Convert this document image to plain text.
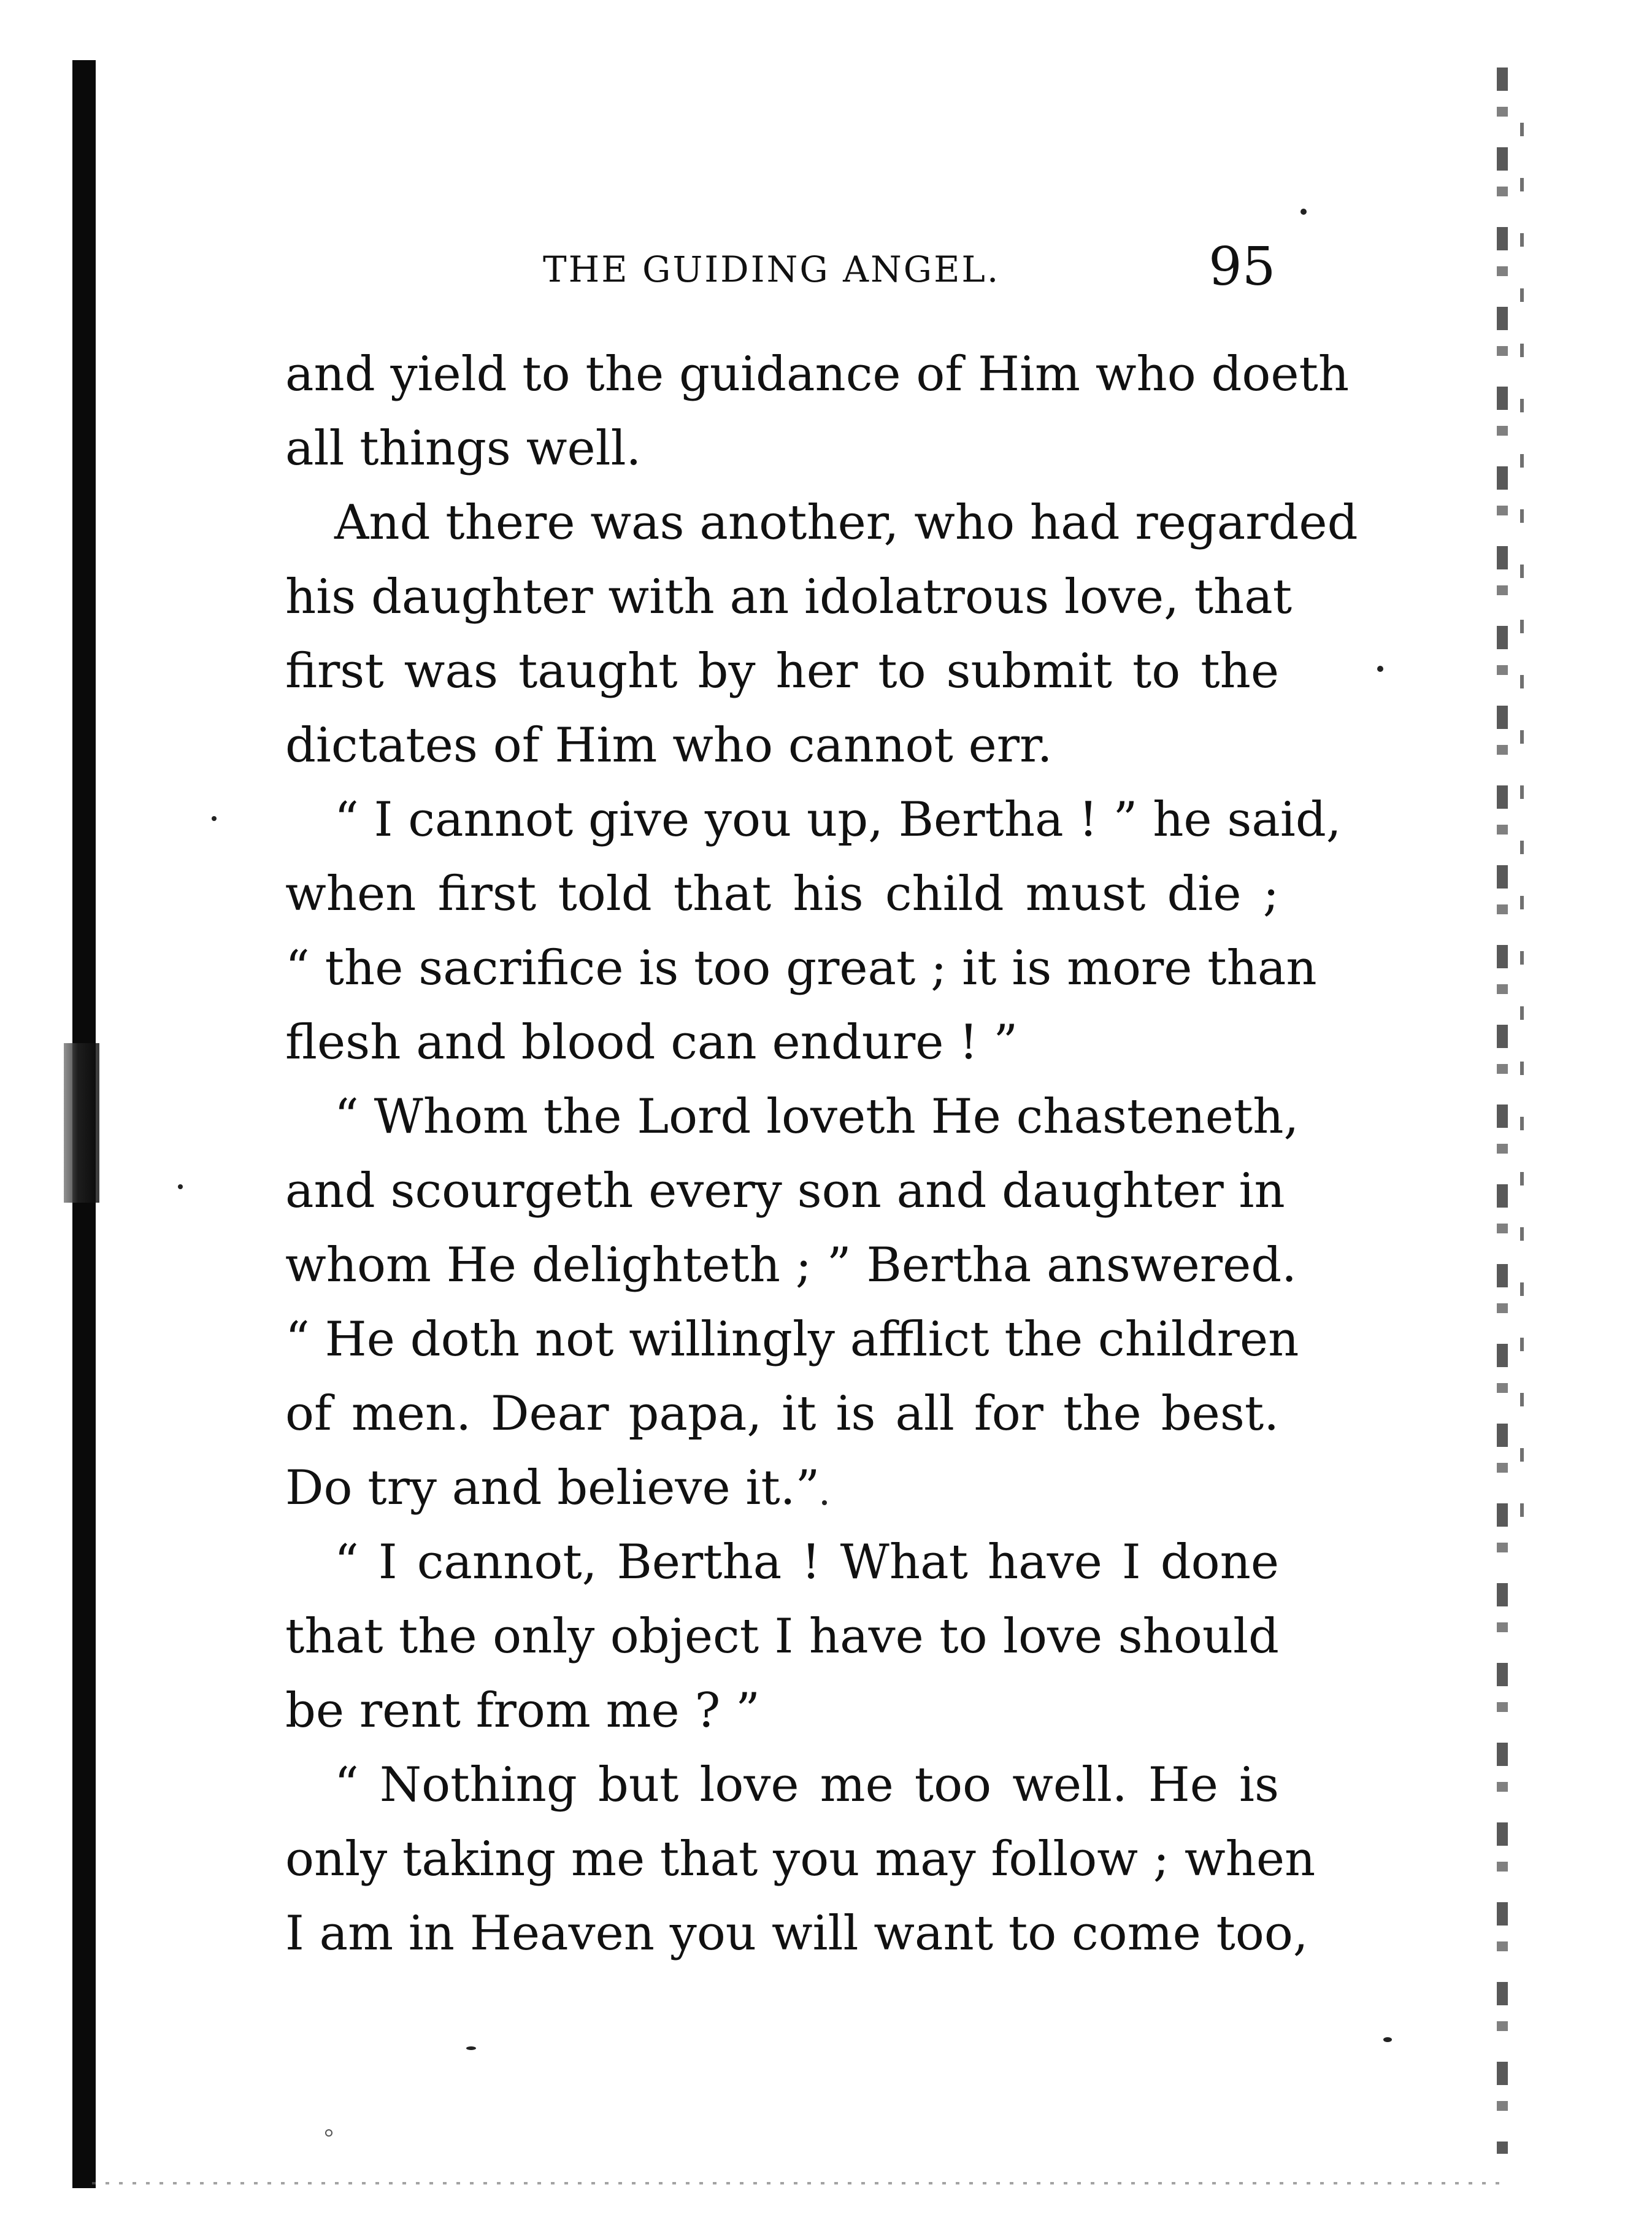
THE GUIDING ANGEL.	95
and yield to the guidance of Him who doeth
all things well.
And there was another, who had regarded
his daughter with an idolatrous love, that
first was taught by her to submit to the
dictates of Him who cannot err.
“ I cannot give you up, Bertha ! ” he said,
when first told that his child must die ;
“ the sacrifice is too great ; it is more than
flesh and blood can endure ! ”
“ Whom the Lord loveth He chasteneth,
and scourgeth every son and daughter in
whom He delighteth ; ” Bertha answered.
“ He doth not willingly afflict the children
of men. Dear papa, it is all for the best.
Do try and believe it.”
“ I cannot, Bertha ! What have I done
that the only object I have to love should
be rent from me ? ”
“ Nothing but love me too well. He is
only taking me that you may follow ; when
I am in Heaven you will want to come too,
